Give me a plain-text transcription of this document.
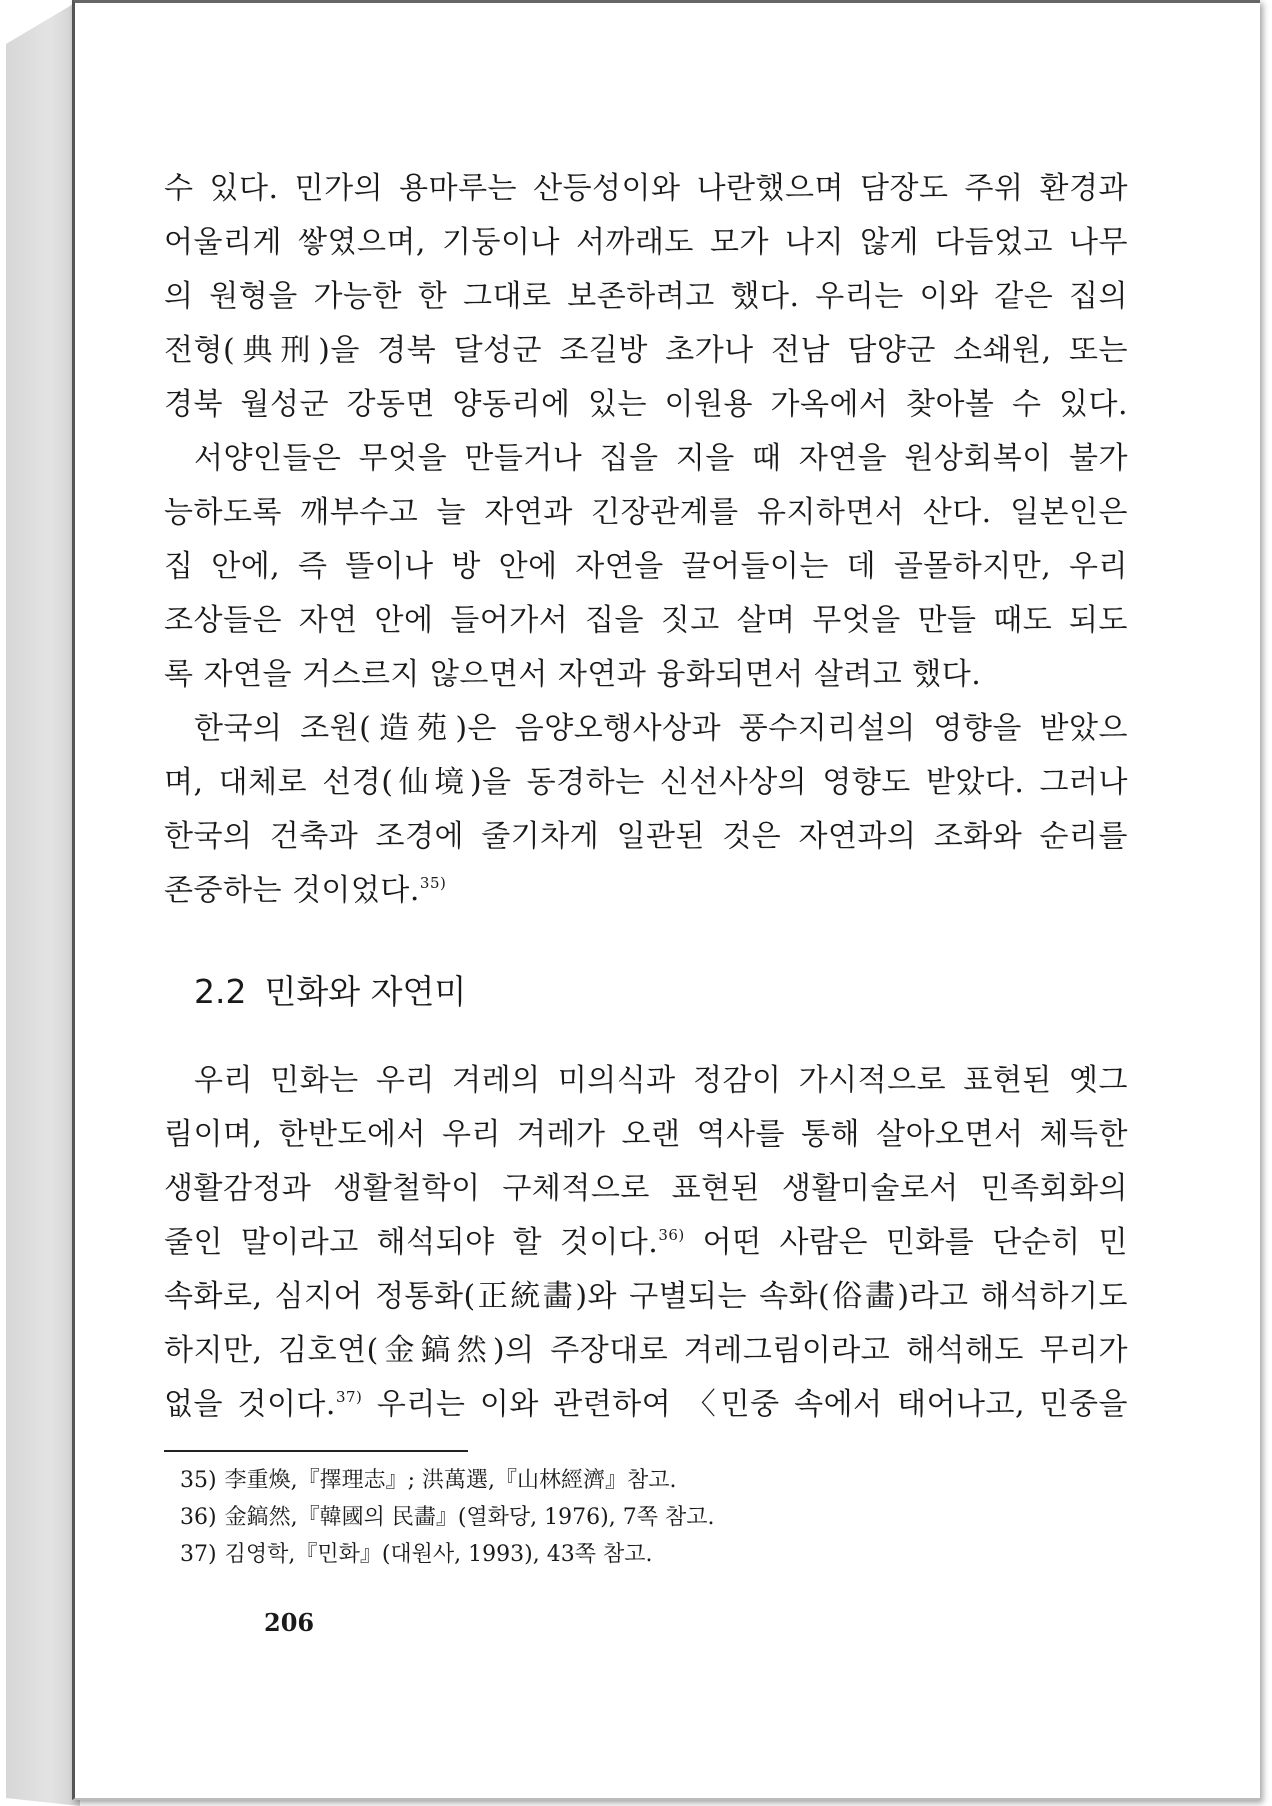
수 있다. 민가의 용마루는 산등성이와 나란했으며 담장도 주위 환경과
어울리게 쌓였으며, 기둥이나 서까래도 모가 나지 않게 다듬었고 나무
의 원형을 가능한 한 그대로 보존하려고 했다. 우리는 이와 같은 집의
전형(典刑)을 경북 달성군 조길방 초가나 전남 담양군 소쇄원, 또는
경북 월성군 강동면 양동리에 있는 이원용 가옥에서 찾아볼 수 있다.
서양인들은 무엇을 만들거나 집을 지을 때 자연을 원상회복이 불가
능하도록 깨부수고 늘 자연과 긴장관계를 유지하면서 산다. 일본인은
집 안에, 즉 뜰이나 방 안에 자연을 끌어들이는 데 골몰하지만, 우리
조상들은 자연 안에 들어가서 집을 짓고 살며 무엇을 만들 때도 되도
록 자연을 거스르지 않으면서 자연과 융화되면서 살려고 했다.
한국의 조원(造苑)은 음양오행사상과 풍수지리설의 영향을 받았으
며, 대체로 선경(仙境)을 동경하는 신선사상의 영향도 받았다. 그러나
한국의 건축과 조경에 줄기차게 일관된 것은 자연과의 조화와 순리를
존중하는 것이었다.$^{35)}$
2.2 민화와 자연미
우리 민화는 우리 겨레의 미의식과 정감이 가시적으로 표현된 옛그
림이며, 한반도에서 우리 겨레가 오랜 역사를 통해 살아오면서 체득한
생활감정과 생활철학이 구체적으로 표현된 생활미술로서 민족회화의
줄인 말이라고 해석되야 할 것이다.$^{36)}$ 어떤 사람은 민화를 단순히 민
속화로, 심지어 정통화(正統畵)와 구별되는 속화(俗畵)라고 해석하기도
하지만, 김호연(金鎬然)의 주장대로 겨레그림이라고 해석해도 무리가
없을 것이다.$^{37)}$ 우리는 이와 관련하여 〈민중 속에서 태어나고, 민중을
35) 李重煥,『擇理志』; 洪萬選,『山林經濟』참고.
36) 金鎬然,『韓國의 民畵』(열화당, 1976), 7쪽 참고.
37) 김영학,『민화』(대원사, 1993), 43쪽 참고.
206
